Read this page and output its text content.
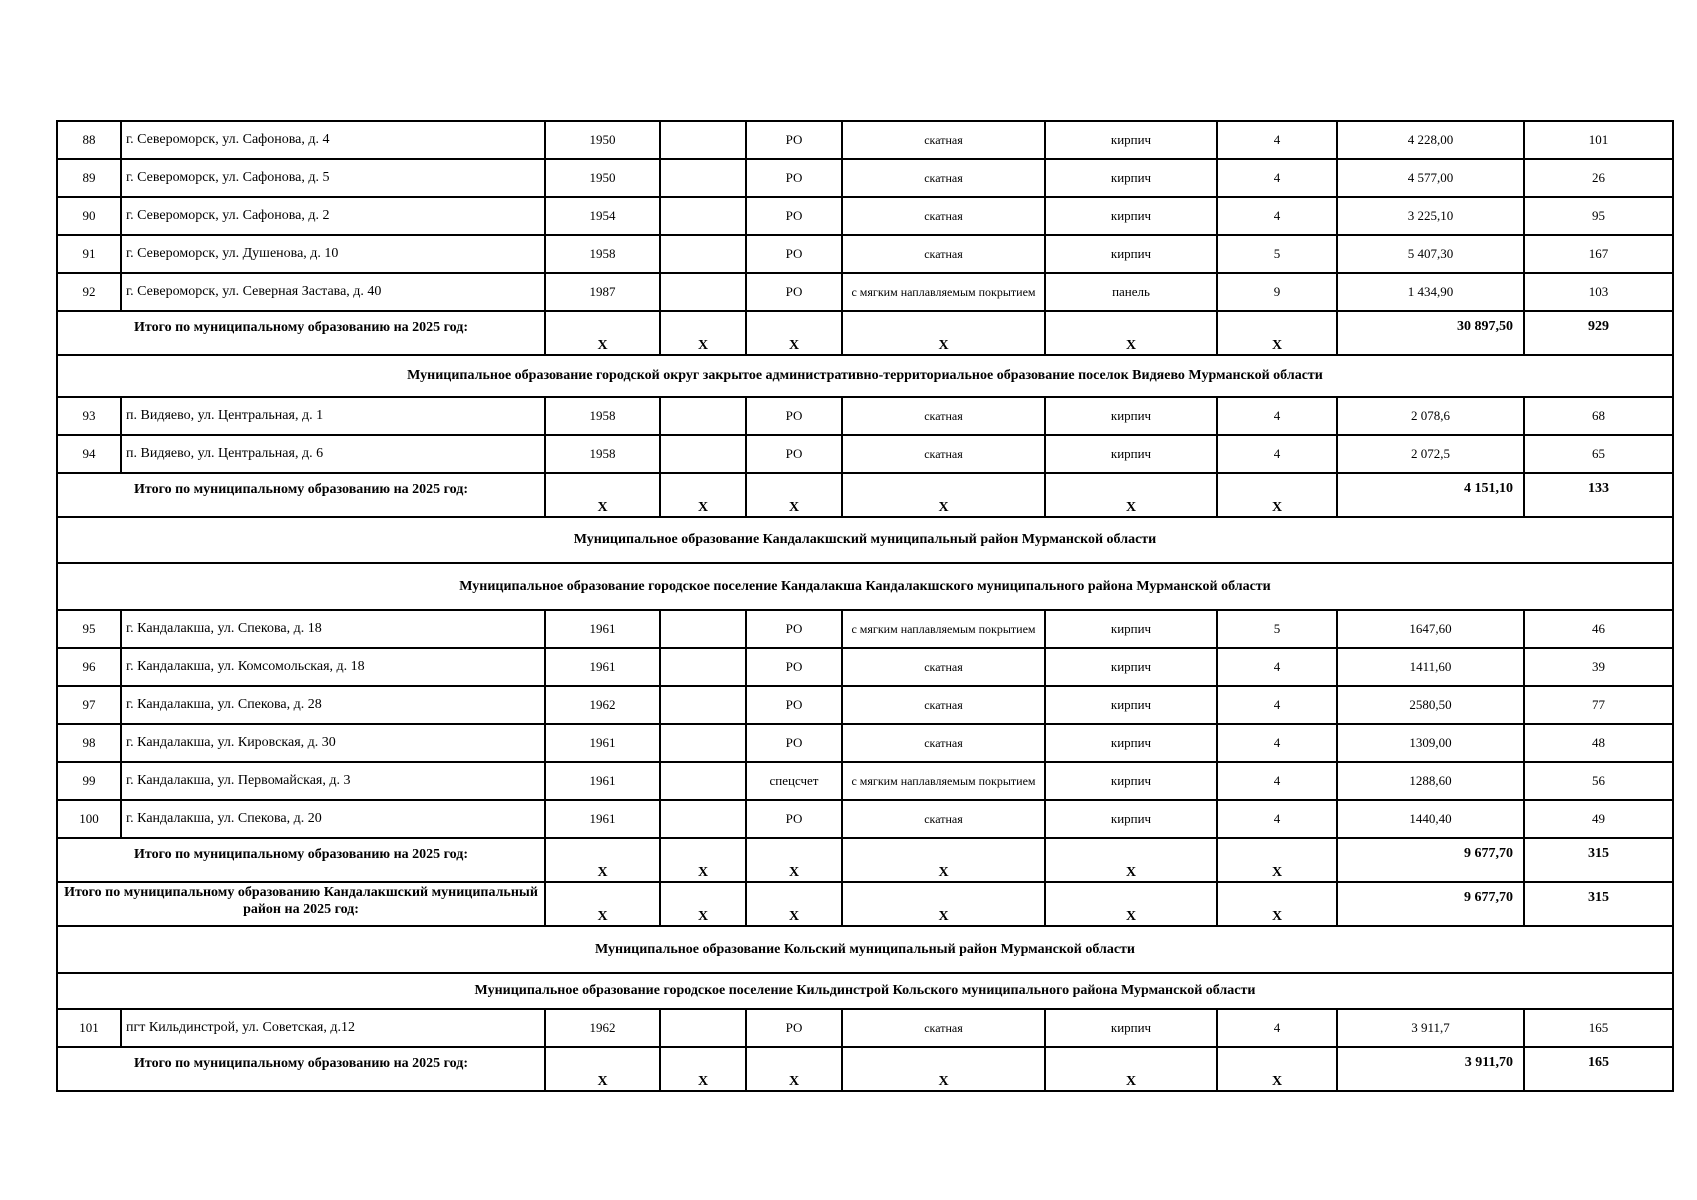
88	г. Североморск, ул. Сафонова, д. 4	1950		РО	скатная	кирпич	4	4 228,00	101
89	г. Североморск, ул. Сафонова, д. 5	1950		РО	скатная	кирпич	4	4 577,00	26
90	г. Североморск, ул. Сафонова, д. 2	1954		РО	скатная	кирпич	4	3 225,10	95
91	г. Североморск, ул. Душенова, д. 10	1958		РО	скатная	кирпич	5	5 407,30	167
92	г. Североморск, ул. Северная Застава, д. 40	1987		РО	с мягким наплавляемым покрытием	панель	9	1 434,90	103
Итого по муниципальному образованию на 2025 год:		X	X	X	X	X	X	30 897,50	929
Муниципальное образование городской округ закрытое административно-территориальное образование поселок Видяево Мурманской области									
93	п. Видяево, ул. Центральная, д. 1	1958		РО	скатная	кирпич	4	2 078,6	68
94	п. Видяево, ул. Центральная, д. 6	1958		РО	скатная	кирпич	4	2 072,5	65
Итого по муниципальному образованию на 2025 год:		X	X	X	X	X	X	4 151,10	133
Муниципальное образование Кандалакшский муниципальный район Мурманской области									
Муниципальное образование городское поселение Кандалакша Кандалакшского муниципального района Мурманской области									
95	г. Кандалакша, ул. Спекова, д. 18	1961		РО	с мягким наплавляемым покрытием	кирпич	5	1647,60	46
96	г. Кандалакша, ул. Комсомольская, д. 18	1961		РО	скатная	кирпич	4	1411,60	39
97	г. Кандалакша, ул. Спекова, д. 28	1962		РО	скатная	кирпич	4	2580,50	77
98	г. Кандалакша, ул. Кировская, д. 30	1961		РО	скатная	кирпич	4	1309,00	48
99	г. Кандалакша, ул. Первомайская, д. 3	1961		спецсчет	с мягким наплавляемым покрытием	кирпич	4	1288,60	56
100	г. Кандалакша, ул. Спекова, д. 20	1961		РО	скатная	кирпич	4	1440,40	49
Итого по муниципальному образованию на 2025 год:		X	X	X	X	X	X	9 677,70	315
Итого по муниципальному образованию Кандалакшский муниципальный район на 2025 год:		X	X	X	X	X	X	9 677,70	315
Муниципальное образование Кольский муниципальный район Мурманской области									
Муниципальное образование городское поселение Кильдинстрой Кольского муниципального района Мурманской области									
101	пгт Кильдинстрой, ул. Советская, д.12	1962		РО	скатная	кирпич	4	3 911,7	165
Итого по муниципальному образованию на 2025 год:		X	X	X	X	X	X	3 911,70	165
